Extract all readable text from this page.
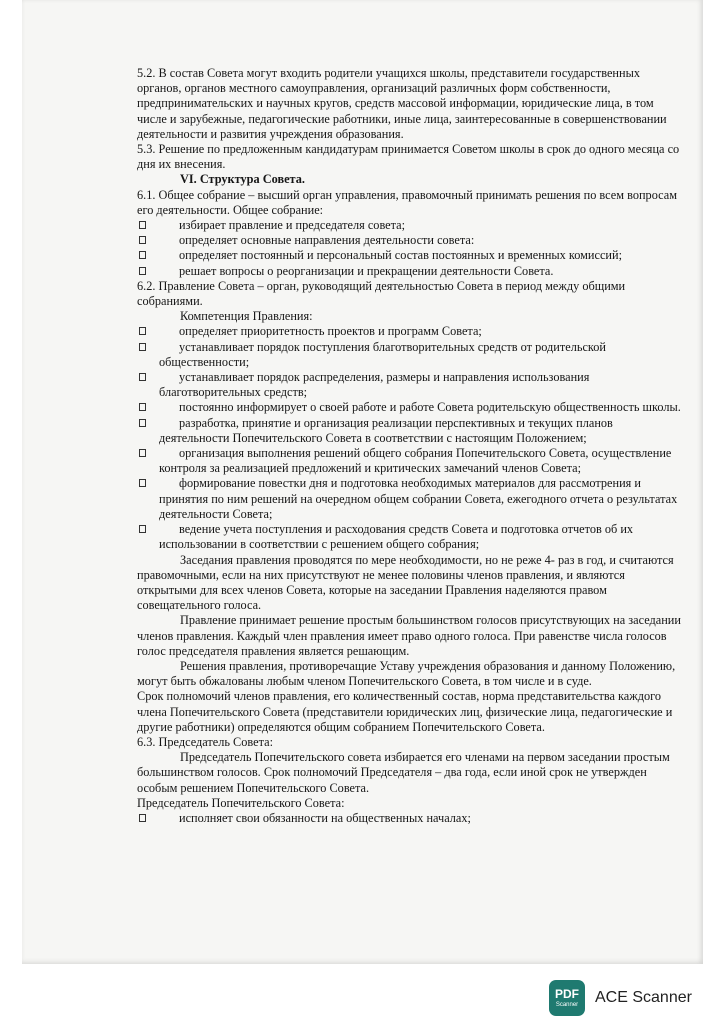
5.2. В состав Совета могут входить родители учащихся школы, представители государственных органов, органов местного самоуправления, организаций различных форм собственности, предпринимательских и научных кругов, средств массовой информации, юридические лица, в том числе и зарубежные, педагогические работники, иные лица, заинтересованные в совершенствовании деятельности и развития учреждения образования.

5.3. Решение по предложенным кандидатурам принимается Советом школы в срок до одного месяца со дня их внесения.

VI. Структура Совета.

6.1. Общее собрание – высший орган управления, правомочный принимать решения по всем вопросам его деятельности. Общее собрание:

избирает правление и председателя совета;
определяет основные направления деятельности совета:
определяет постоянный и персональный состав постоянных и временных комиссий;
решает вопросы о реорганизации и прекращении деятельности Совета.

6.2. Правление Совета – орган, руководящий деятельностью Совета в период между общими собраниями.

Компетенция Правления:

определяет приоритетность проектов и программ Совета;
устанавливает порядок поступления благотворительных средств от родительской общественности;
устанавливает порядок распределения, размеры и направления использования благотворительных средств;
постоянно информирует о своей работе и работе Совета родительскую общественность школы.
разработка, принятие и организация реализации перспективных и текущих планов деятельности Попечительского Совета в соответствии с настоящим Положением;
организация выполнения решений общего собрания Попечительского Совета, осуществление контроля за реализацией предложений и критических замечаний членов Совета;
формирование повестки дня и подготовка необходимых материалов для рассмотрения и принятия по ним решений на очередном общем собрании Совета, ежегодного отчета о результатах деятельности Совета;
ведение учета поступления и расходования средств Совета и подготовка отчетов об их использовании в соответствии с решением общего собрания;

Заседания правления проводятся по мере необходимости, но не реже 4- раз в год, и считаются правомочными, если на них присутствуют не менее половины членов правления, и являются открытыми для всех членов Совета, которые на заседании Правления наделяются правом совещательного голоса.

Правление принимает решение простым большинством голосов присутствующих на заседании членов правления. Каждый член правления имеет право одного голоса. При равенстве числа голосов голос председателя правления является решающим.

Решения правления, противоречащие Уставу учреждения образования и данному Положению, могут быть обжалованы любым членом Попечительского Совета, в том числе и в суде.

Срок полномочий членов правления, его количественный состав, норма представительства каждого члена Попечительского Совета (представители юридических лиц, физические лица, педагогические и другие работники) определяются общим собранием Попечительского Совета.

6.3. Председатель Совета:

Председатель Попечительского совета избирается его членами на первом заседании простым большинством голосов. Срок полномочий Председателя – два года, если иной срок не утвержден особым решением Попечительского Совета.

Председатель Попечительского Совета:

исполняет свои обязанности на общественных началах;
PDF
Scanner ACE Scanner
